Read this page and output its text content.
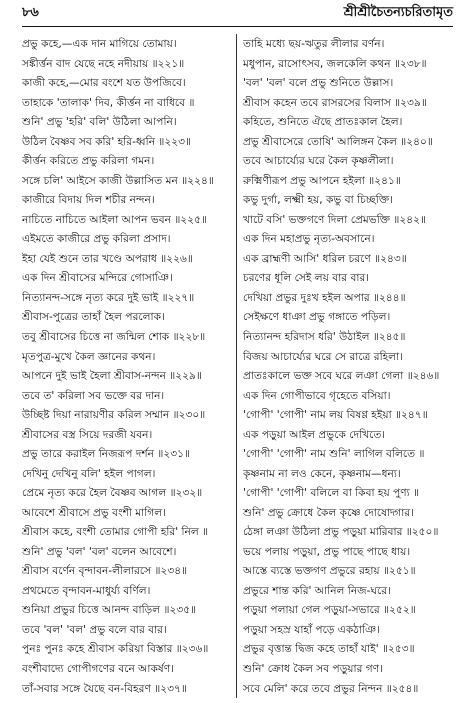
৮৬	শ্রীশ্রীচৈতন্যচরিতামৃত
প্রভু কহে,—এক দান মাগিয়ে তোমায়।
সঙ্কীর্ত্তন বাদ যেছে নহে নদীয়ায় ॥২২১॥
কাজী কহে,—মোর বংশে যত উপজিবে।
তাহাকে 'তালাক' দিব, কীর্ত্তন না বাধিবে ॥
শুনি' প্রভু 'হরি' বলি' উঠিলা আপনি।
উঠিল বৈষ্ণব সব করি' হরি-ধ্বনি ॥২২৩॥
কীর্ত্তন করিতে প্রভু করিলা গমন।
সঙ্গে চলি' আইসে কাজী উল্লাসিত মন ॥২২৪॥
কাজীরে বিদায় দিল শচীর নন্দন।
নাচিতে নাচিতে আইলা আপন ভবন ॥২২৫॥
এইমতে কাজীরে প্রভু করিলা প্রসাদ।
ইহা যেই শুনে তার খণ্ডে অপরাধ ॥২২৬॥
এক দিন শ্রীবাসের মন্দিরে গোসাঞি।
নিত্যানন্দ-সঙ্গে নৃত্য করে দুই ভাই ॥২২৭॥
শ্রীবাস-পুত্রের তাহাঁ হৈল পরলোক।
তবু শ্রীবাসের চিত্তে না জন্মিল শোক ॥২২৮॥
মৃতপুত্র-মুখে কৈল জ্ঞানের কথন।
আপনে দুই ভাই হৈলা শ্রীবাস-নন্দন ॥২২৯॥
তবে ত' করিলা সব ভক্তে বর দান।
উচ্ছিষ্ট দিয়া নারায়ণীর করিল সম্মান ॥২৩০॥
শ্রীবাসের বস্ত্র সিয়ে দরজী যবন।
প্রভু তারে করাইল নিজরূপ দর্শন ॥২৩১॥
দেখিনু দেখিনু বলি' হইল পাগল।
প্রেমে নৃত্য করে হৈল বৈষ্ণব আগল ॥২৩২॥
আবেশে শ্রীবাসে প্রভু বংশী মাগিল।
শ্রীবাস কহে, বংশী তোমার গোপী হরি' নিল ॥
শুনি' প্রভু 'বল' 'বল' বলেন আবেশে।
শ্রীবাস বর্ণেন বৃন্দাবন-লীলারসে ॥২৩৪॥
প্রথমেতে বৃন্দাবন-মাধুর্য্য বর্ণিল।
শুনিয়া প্রভুর চিত্তে আনন্দ বাড়িল ॥২৩৫॥
তবে 'বল' 'বল' প্রভু বলে বার বার।
পুনঃ পুনঃ কহে শ্রীবাস করিয়া বিস্তার ॥২৩৬॥
বংশীবাদ্যে গোপীগণের বনে আকর্ষণ।
তাঁ-সবার সঙ্গে যৈছে বন-বিহরণ ॥২৩৭॥
তাহি মধ্যে ছয়-ঋতুর লীলার বর্ণন।
মধুপান, রাসোৎসব, জলকেলি কথন ॥২৩৮॥
'বল' 'বল' বলে প্রভু শুনিতে উল্লাস।
শ্রীবাস কহেন তবে রাসরসের বিলাস ॥২৩৯॥
কহিতে, শুনিতে ঐছে প্রাতঃকাল হৈল।
প্রভু শ্রীবাসেরে তোষি' আলিঙ্গন কৈল ॥২৪০॥
তবে আচার্য্যের ঘরে কৈল কৃষ্ণলীলা।
রুক্মিণীরূপ প্রভু আপনে হইলা ॥২৪১॥
কভু দুর্গা, লক্ষ্মী হয়, কভু বা চিচ্ছক্তি।
খাটে বসি' ভক্তগণে দিলা প্রেমভক্তি ॥২৪২॥
এক দিন মহাপ্রভু নৃত্য-অবসানে।
এক ব্রাহ্মণী আসি' ধরিল চরণে ॥২৪৩॥
চরণের ধূলি সেই লয় বার বার।
দেখিয়া প্রভুর দুঃখ হইল অপার ॥২৪৪॥
সেইক্ষণে ধাঞা প্রভু গঙ্গাতে পড়িল।
নিত্যানন্দ হরিদাস ধরি' উঠাইল ॥২৪৫॥
বিজয় আচার্য্যের ঘরে সে রাত্রে রহিলা।
প্রাতঃকালে ভক্ত সবে ঘরে লঞা গেলা ॥২৪৬॥
এক দিন গোপীভাবে গৃহেতে বসিয়া।
'গোপী' 'গোপী' নাম লয় বিষণ্ণ হইয়া ॥২৪৭॥
এক পড়ুয়া আইল প্রভুকে দেখিতে।
'গোপী' 'গোপী' নাম শুনি' লাগিল বলিতে ॥
কৃষ্ণনাম না লও কেনে, কৃষ্ণনাম—ধন্য।
'গোপী' 'গোপী' বলিলে বা কিবা হয় পুণ্য ॥
শুনি' প্রভু ক্রোধে কৈল কৃষ্ণে দোষোদ্গার।
ঠেঙ্গা লঞা উঠিলা প্রভু পড়ুয়া মারিবার ॥২৫০॥
ভয়ে পলায় পড়ুয়া, প্রভু পাছে পাছে ধায়।
আস্তে ব্যস্তে ভক্তগণ প্রভুরে রহায় ॥২৫১॥
প্রভুরে শান্ত করি' আনিল নিজ-ঘরে।
পড়ুয়া পলায়া গেল পড়ুয়া-সভারে ॥২৫২॥
পড়ুয়া সহস্র যাহাঁ পড়ে একঠাঞি।
প্রভুর বৃত্তান্ত দ্বিজ কহে তাহাঁ যাই' ॥২৫৩॥
শুনি' ক্রোধ কৈল সব পড়ুয়ার গণ।
সবে মেলি' করে তবে প্রভুর নিন্দন ॥২৫৪॥
